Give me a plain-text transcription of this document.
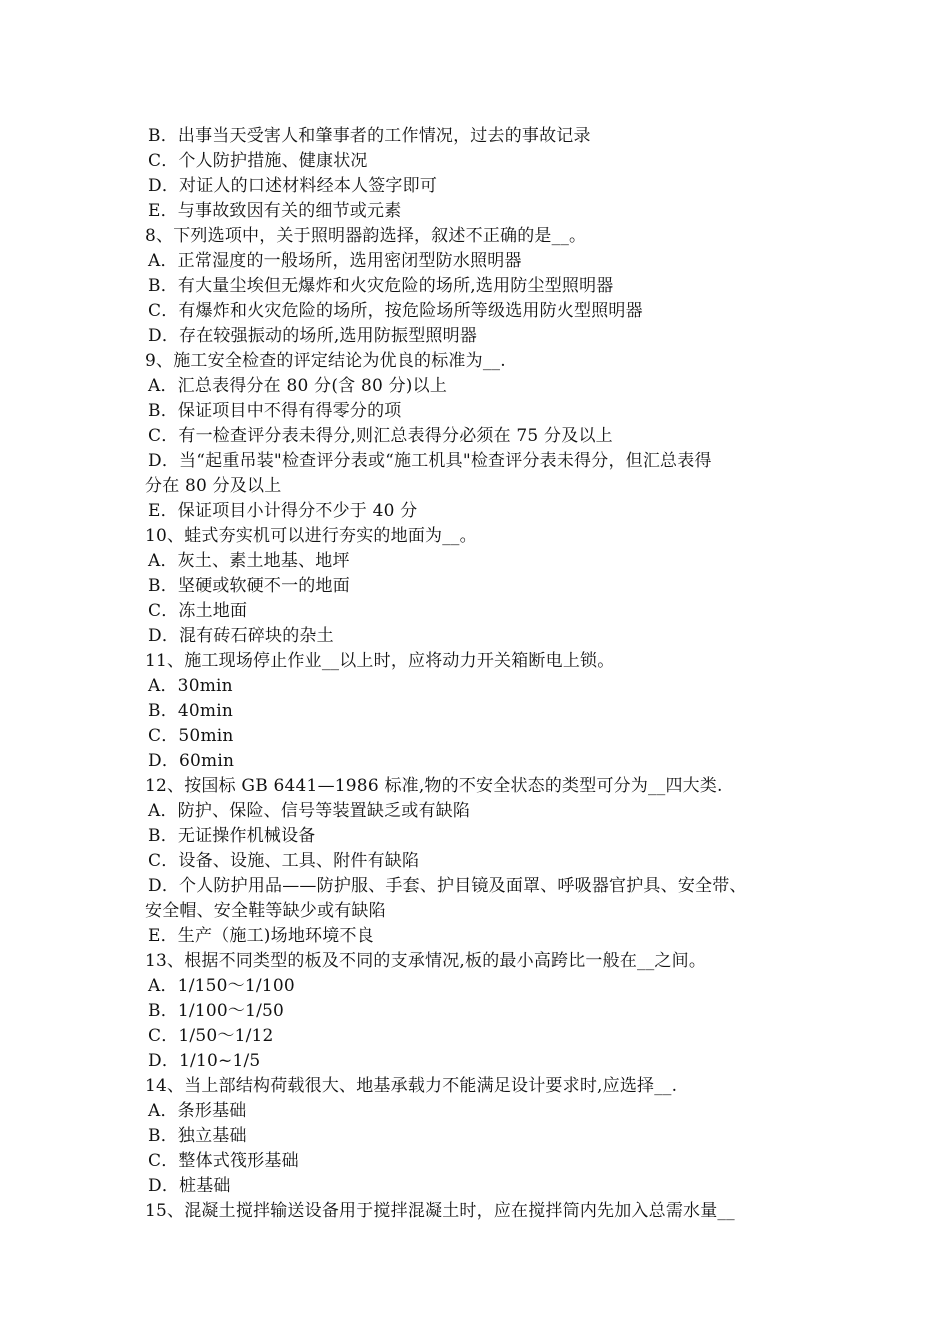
B．出事当天受害人和肇事者的工作情况，过去的事故记录
C．个人防护措施、健康状况
D．对证人的口述材料经本人签字即可
E．与事故致因有关的细节或元素
8、下列选项中，关于照明器韵选择，叙述不正确的是__。
A．正常湿度的一般场所，选用密闭型防水照明器
B．有大量尘埃但无爆炸和火灾危险的场所,选用防尘型照明器
C．有爆炸和火灾危险的场所，按危险场所等级选用防火型照明器
D．存在较强振动的场所,选用防振型照明器
9、施工安全检查的评定结论为优良的标准为__.
A．汇总表得分在 80 分(含 80 分)以上
B．保证项目中不得有得零分的项
C．有一检查评分表未得分,则汇总表得分必须在 75 分及以上
D．当“起重吊装"检查评分表或“施工机具"检查评分表未得分，但汇总表得
分在 80 分及以上
E．保证项目小计得分不少于 40 分
10、蛙式夯实机可以进行夯实的地面为__。
A．灰土、素土地基、地坪
B．坚硬或软硬不一的地面
C．冻土地面
D．混有砖石碎块的杂土
11、施工现场停止作业__以上时，应将动力开关箱断电上锁。
A．30min
B．40min
C．50min
D．60min
12、按国标 GB 6441—1986 标准,物的不安全状态的类型可分为__四大类.
A．防护、保险、信号等装置缺乏或有缺陷
B．无证操作机械设备
C．设备、设施、工具、附件有缺陷
D．个人防护用品——防护服、手套、护目镜及面罩、呼吸器官护具、安全带、
安全帽、安全鞋等缺少或有缺陷
E．生产（施工)场地环境不良
13、根据不同类型的板及不同的支承情况,板的最小高跨比一般在__之间。
A．1/150～1/100
B．1/100～1/50
C．1/50～1/12
D．1/10~1/5
14、当上部结构荷载很大、地基承载力不能满足设计要求时,应选择__.
A．条形基础
B．独立基础
C．整体式筏形基础
D．桩基础
15、混凝土搅拌输送设备用于搅拌混凝土时，应在搅拌筒内先加入总需水量__
